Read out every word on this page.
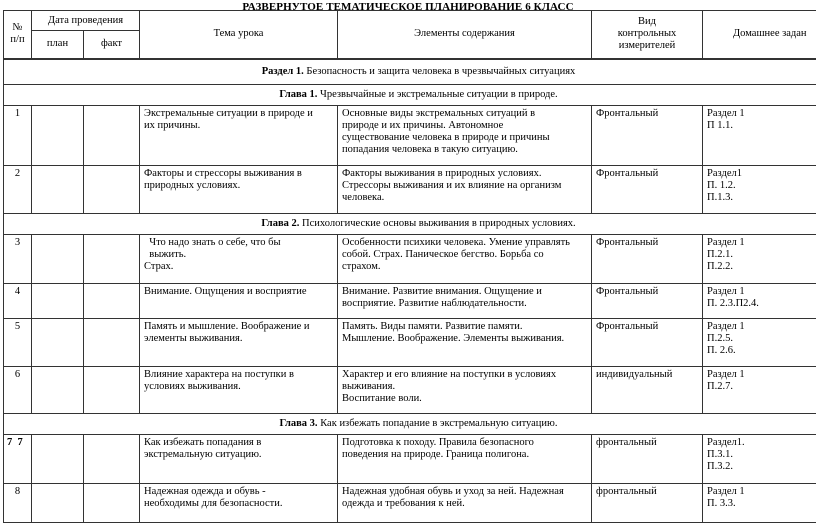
РАЗВЕРНУТОЕ ТЕМАТИЧЕСКОЕ ПЛАНИРОВАНИЕ 6 КЛАСС
№
п/п	Дата проведения		Тема урока	Элементы содержания	Вид
контрольных
измерителей	Домашнее задан
	план	факт				
Раздел 1. Безопасность и защита человека в чрезвычайных ситуациях						
Глава 1. Чрезвычайные и экстремальные ситуации в природе.						
1			Экстремальные ситуации в природе и
их причины.	Основные виды экстремальных ситуаций в
природе и их причины. Автономное
существование человека в природе и причины
попадания человека в такую ситуацию.	Фронтальный	Раздел 1
П 1.1.

2			Факторы и стрессоры выживания в
природных условиях.	Факторы выживания в природных условиях.
Стрессоры выживания и их влияние на организм
человека.	Фронтальный	Раздел1
П. 1.2.
П.1.3.

Глава 2. Психологические основы выживания в природных условиях.						
3			Что надо знать о себе, что бы
выжить.
Страх.	Особенности психики человека. Умение управлять
собой. Страх. Паническое бегство. Борьба со
страхом.	Фронтальный	Раздел 1
П.2.1.
П.2.2.

4			Внимание. Ощущения и восприятие	Внимание. Развитие внимания. Ощущение и
восприятие. Развитие наблюдательности.	Фронтальный	Раздел 1
П. 2.3.П2.4.

5			Память и мышление. Воображение и
элементы выживания.	Память. Виды памяти. Развитие памяти.
Мышление. Воображение. Элементы выживания.	Фронтальный	Раздел 1
П.2.5.
П. 2.6.

6			Влияние характера на поступки в
условиях выживания.	Характер и его влияние на поступки в условиях
выживания.
Воспитание воли.	индивидуальный	Раздел 1
П.2.7.

Глава 3. Как избежать попадание в экстремальную ситуацию.						
7  7			Как избежать попадания в
экстремальную ситуацию.	Подготовка к походу. Правила безопасного
поведения на природе. Граница полигона.	фронтальный	Раздел1.
П.3.1.
П.3.2.

8			Надежная одежда и обувь -
необходимы для безопасности.	Надежная удобная обувь и уход за ней. Надежная
одежда и требования к ней.	фронтальный	Раздел 1
П. 3.3.
